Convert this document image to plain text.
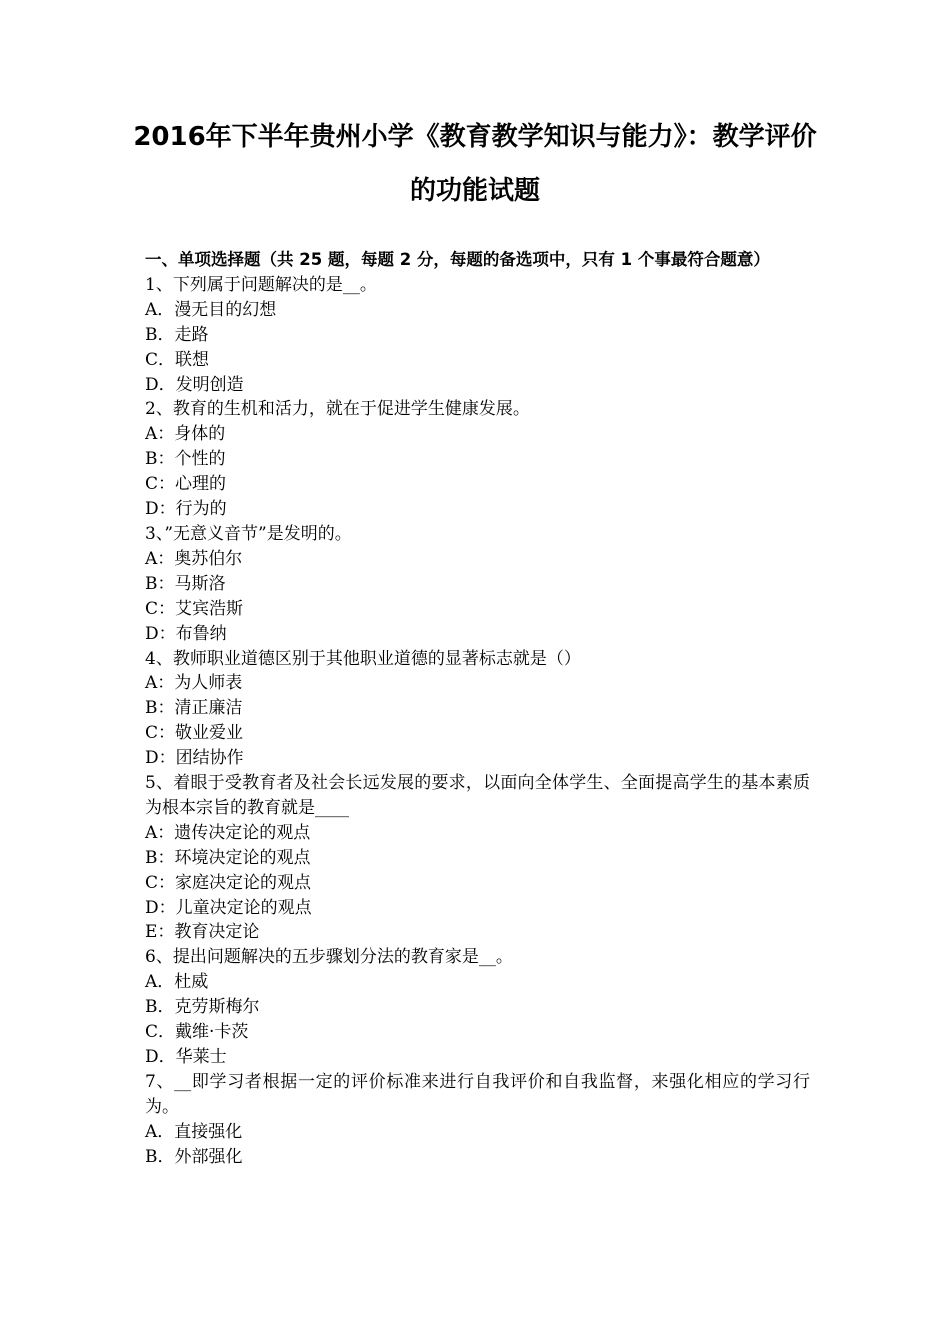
2016年下半年贵州小学《教育教学知识与能力》：教学评价
的功能试题
一、单项选择题（共 25 题，每题 2 分，每题的备选项中，只有 1 个事最符合题意）
1、下列属于问题解决的是__。
A．漫无目的幻想
B．走路
C．联想
D．发明创造
2、教育的生机和活力，就在于促进学生健康发展。
A：身体的
B：个性的
C：心理的
D：行为的
3、”无意义音节”是发明的。
A：奥苏伯尔
B：马斯洛
C：艾宾浩斯
D：布鲁纳
4、教师职业道德区别于其他职业道德的显著标志就是（）
A：为人师表
B：清正廉洁
C：敬业爱业
D：团结协作
5、着眼于受教育者及社会长远发展的要求，以面向全体学生、全面提高学生的基本素质为根本宗旨的教育就是____
A：遗传决定论的观点
B：环境决定论的观点
C：家庭决定论的观点
D：儿童决定论的观点
E：教育决定论
6、提出问题解决的五步骤划分法的教育家是__。
A．杜威
B．克劳斯梅尔
C．戴维·卡茨
D．华莱士
7、__即学习者根据一定的评价标准来进行自我评价和自我监督，来强化相应的学习行为。
A．直接强化
B．外部强化
